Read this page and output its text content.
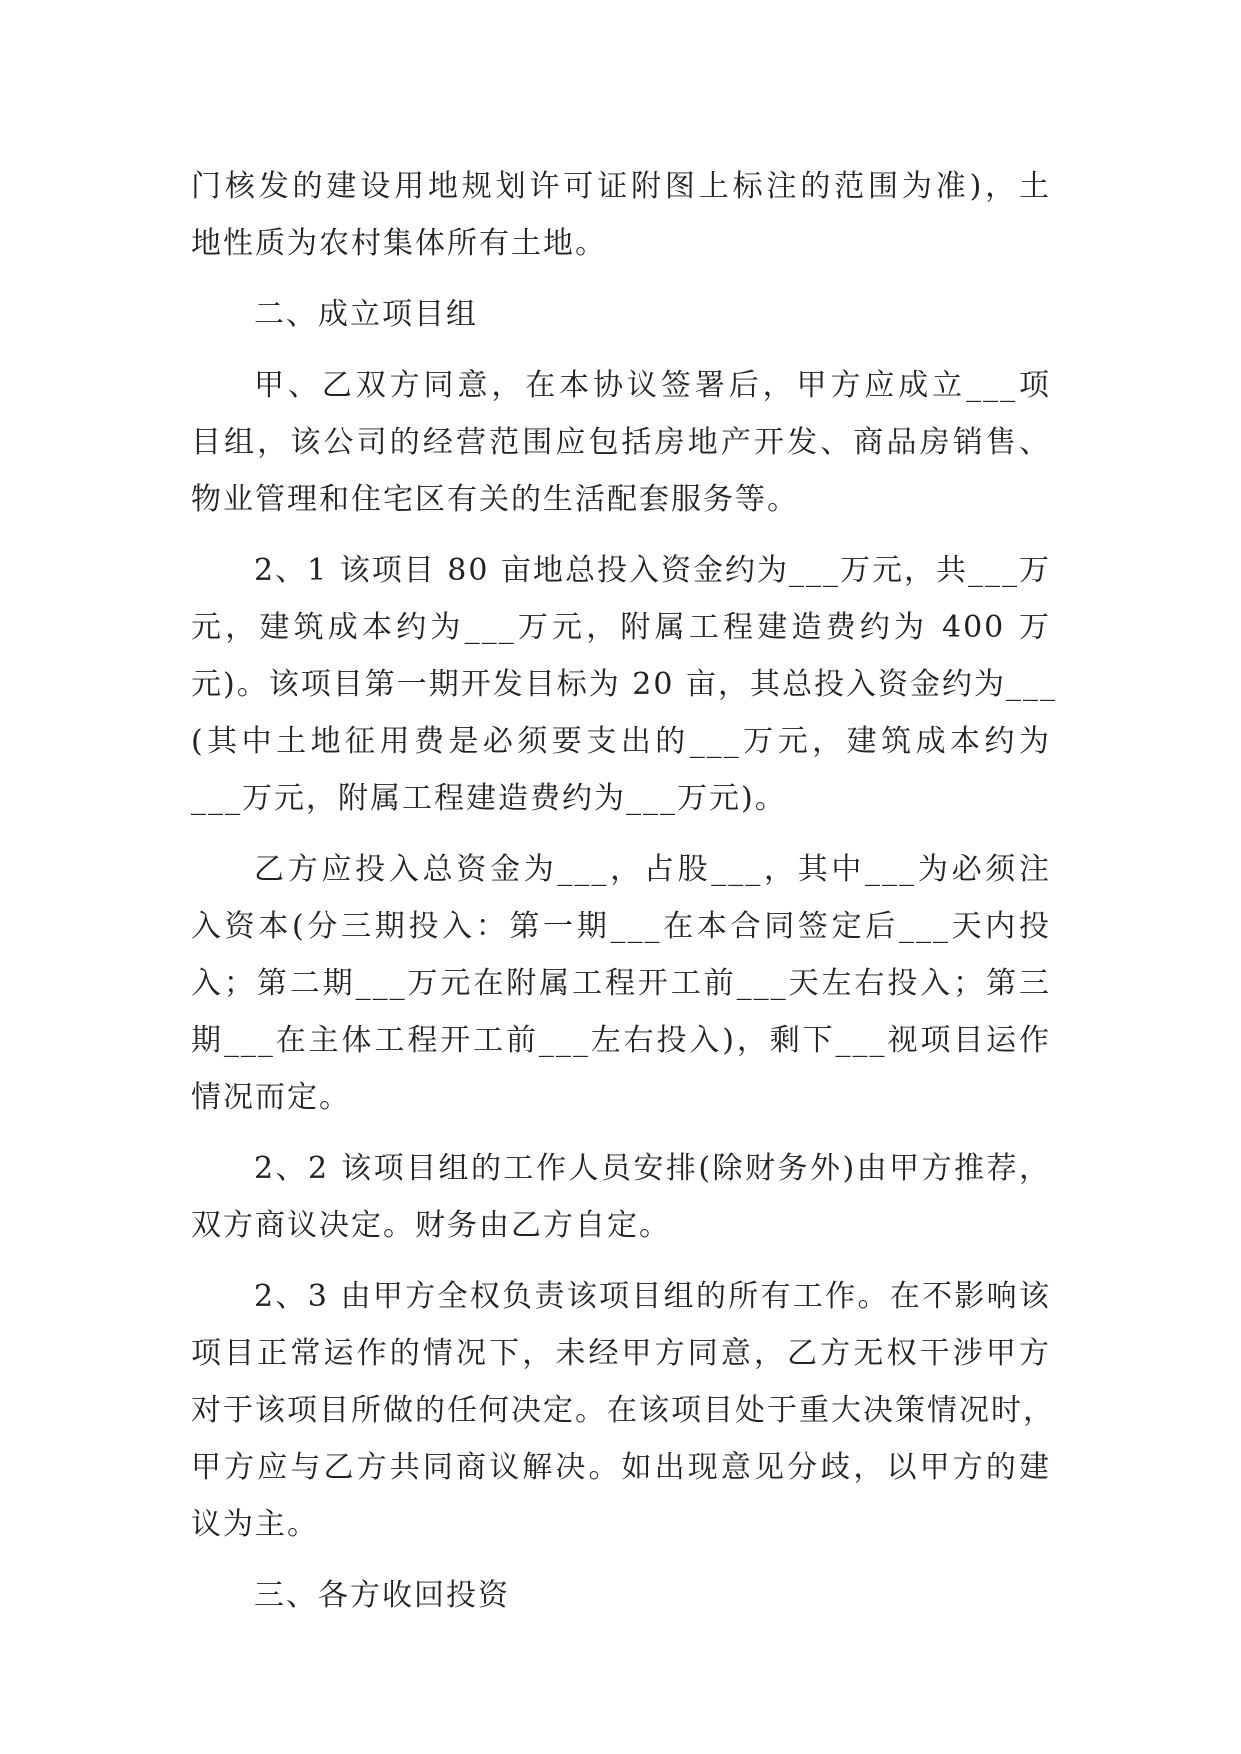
门核发的建设用地规划许可证附图上标注的范围为准)，土
地性质为农村集体所有土地。
二、成立项目组
甲、乙双方同意，在本协议签署后，甲方应成立___项
目组，该公司的经营范围应包括房地产开发、商品房销售、
物业管理和住宅区有关的生活配套服务等。
2、1 该项目 80 亩地总投入资金约为___万元，共___万
元，建筑成本约为___万元，附属工程建造费约为 400 万
元)。该项目第一期开发目标为 20 亩，其总投入资金约为___
(其中土地征用费是必须要支出的___万元，建筑成本约为
___万元，附属工程建造费约为___万元)。
乙方应投入总资金为___，占股___，其中___为必须注
入资本(分三期投入：第一期___在本合同签定后___天内投
入；第二期___万元在附属工程开工前___天左右投入；第三
期___在主体工程开工前___左右投入)，剩下___视项目运作
情况而定。
2、2 该项目组的工作人员安排(除财务外)由甲方推荐，
双方商议决定。财务由乙方自定。
2、3 由甲方全权负责该项目组的所有工作。在不影响该
项目正常运作的情况下，未经甲方同意，乙方无权干涉甲方
对于该项目所做的任何决定。在该项目处于重大决策情况时，
甲方应与乙方共同商议解决。如出现意见分歧，以甲方的建
议为主。
三、各方收回投资
